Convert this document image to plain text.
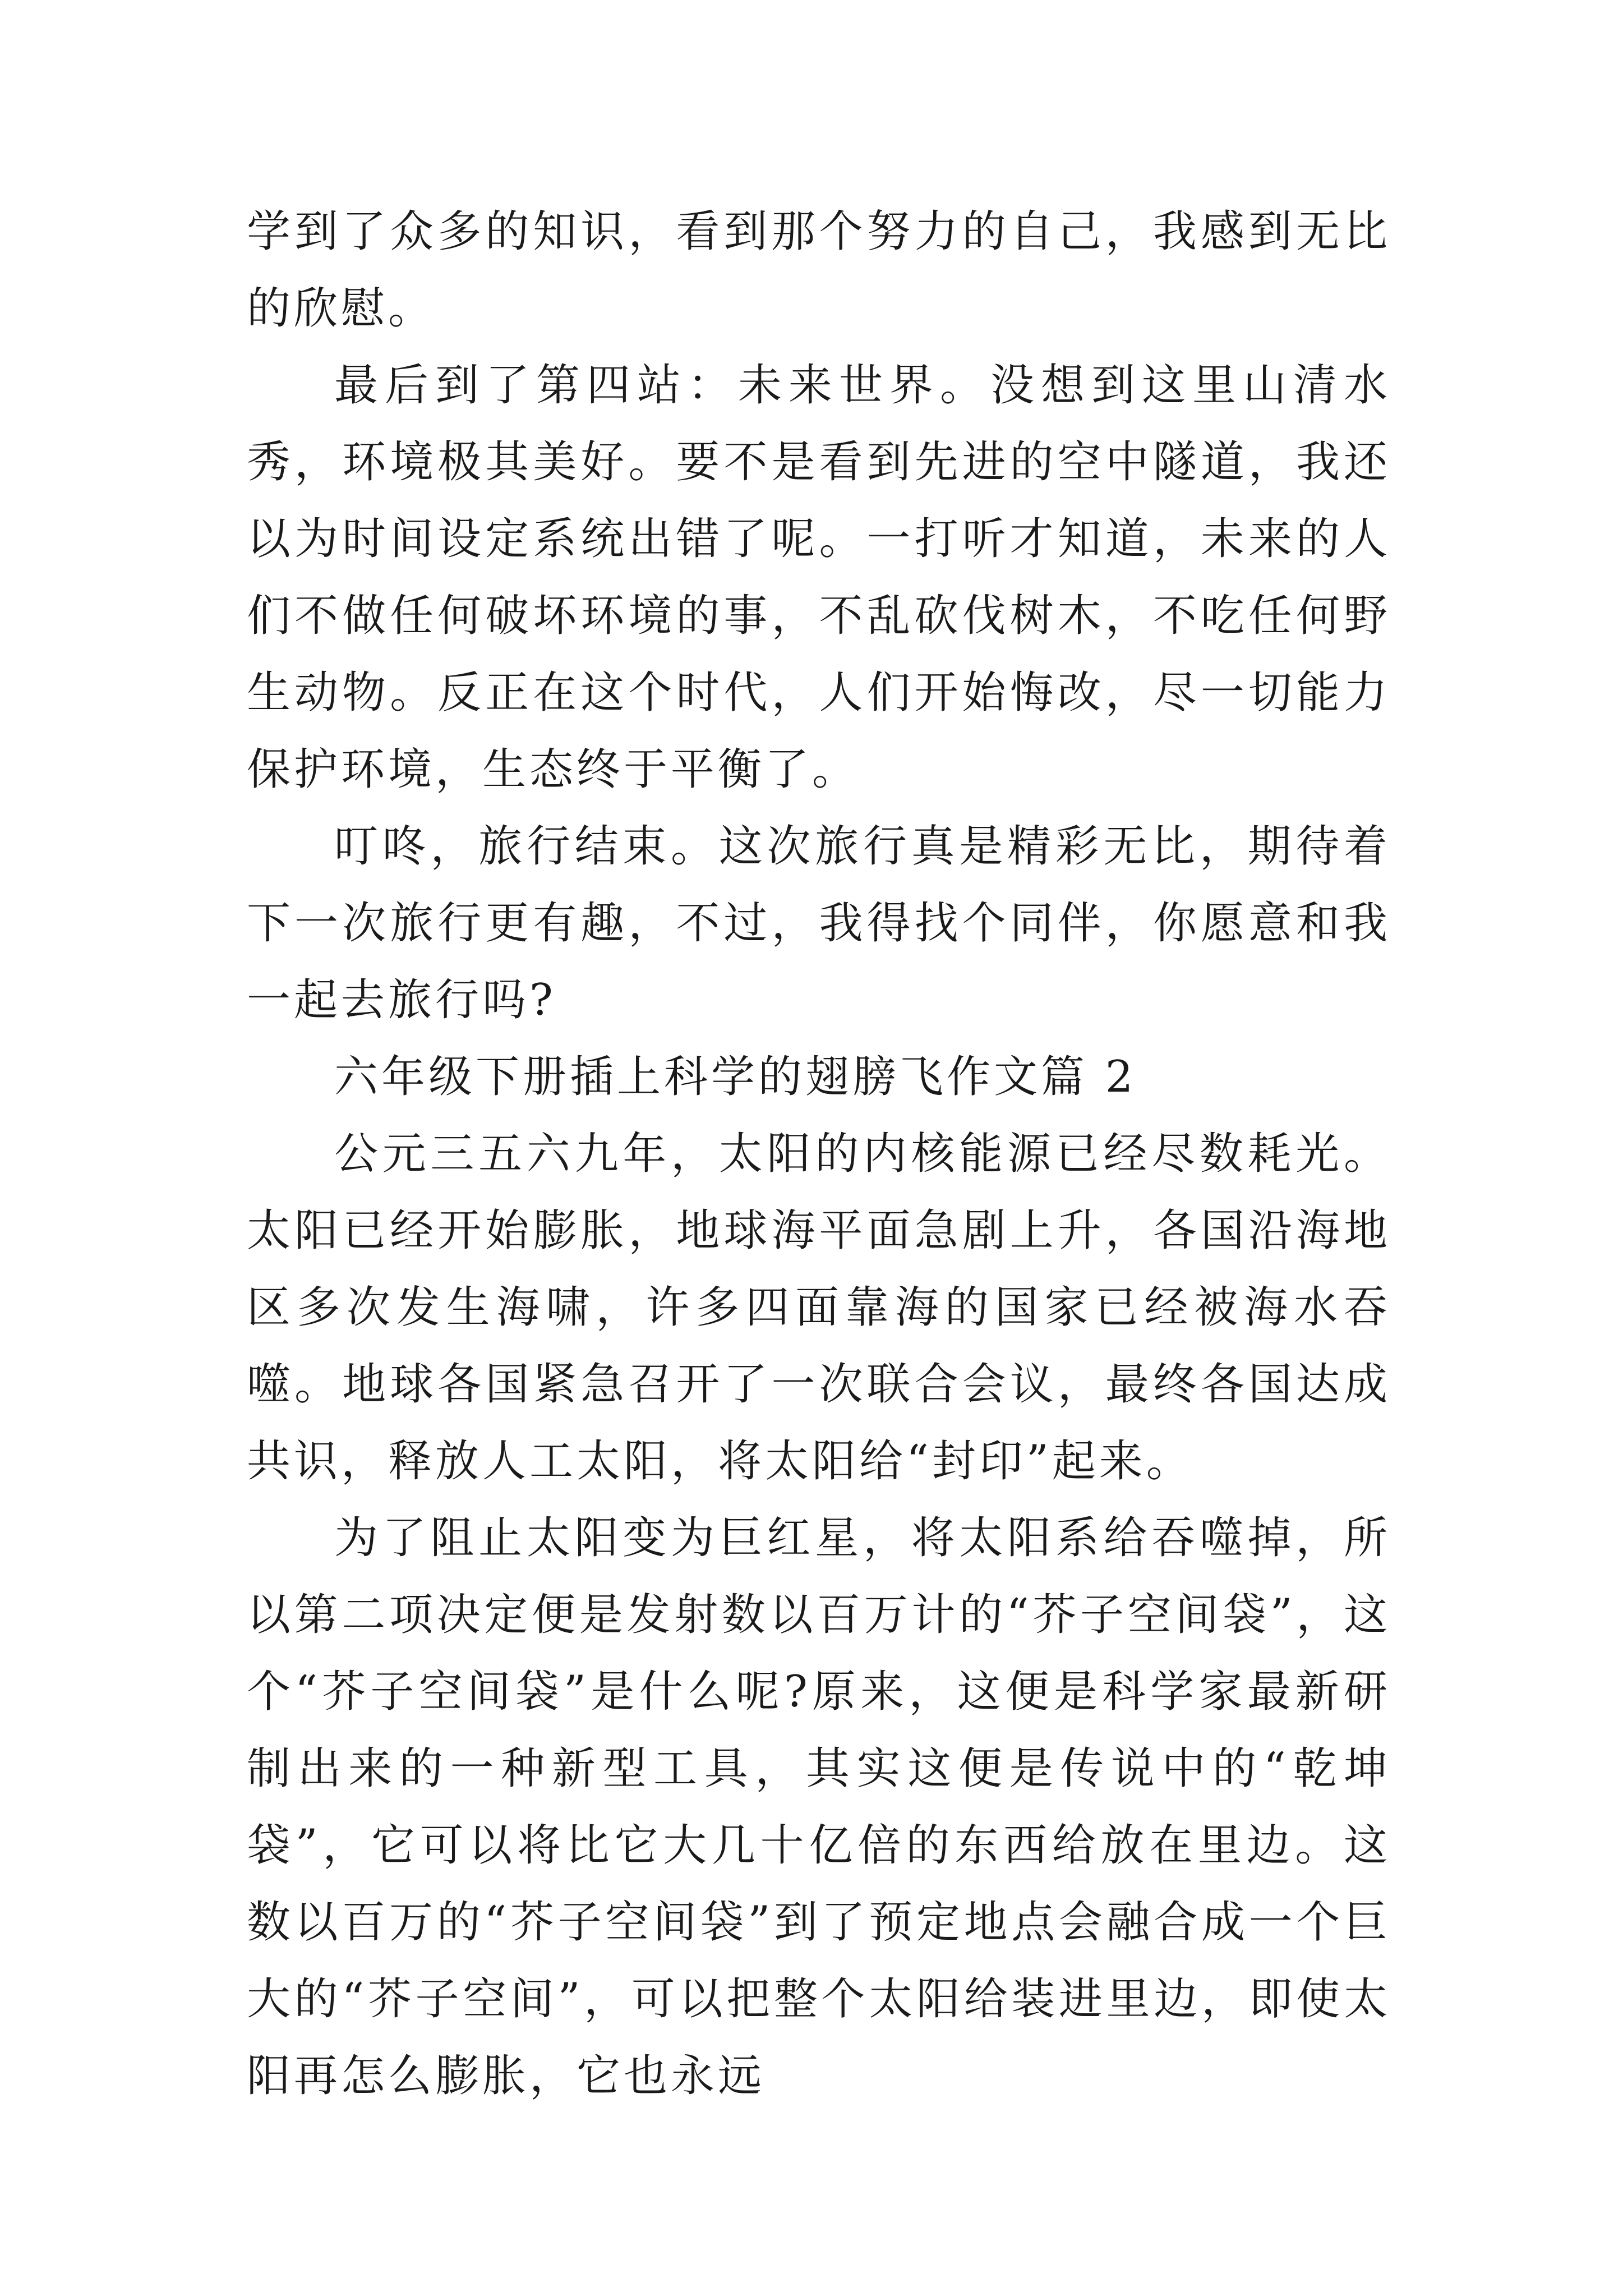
学到了众多的知识，看到那个努力的自己，我感到无比的欣慰。

最后到了第四站：未来世界。没想到这里山清水秀，环境极其美好。要不是看到先进的空中隧道，我还以为时间设定系统出错了呢。一打听才知道，未来的人们不做任何破坏环境的事，不乱砍伐树木，不吃任何野生动物。反正在这个时代，人们开始悔改，尽一切能力保护环境，生态终于平衡了。

叮咚，旅行结束。这次旅行真是精彩无比，期待着下一次旅行更有趣，不过，我得找个同伴，你愿意和我一起去旅行吗?

六年级下册插上科学的翅膀飞作文篇 2

公元三五六九年，太阳的内核能源已经尽数耗光。太阳已经开始膨胀，地球海平面急剧上升，各国沿海地区多次发生海啸，许多四面靠海的国家已经被海水吞噬。地球各国紧急召开了一次联合会议，最终各国达成共识，释放人工太阳，将太阳给“封印”起来。

为了阻止太阳变为巨红星，将太阳系给吞噬掉，所以第二项决定便是发射数以百万计的“芥子空间袋”，这个“芥子空间袋”是什么呢?原来，这便是科学家最新研制出来的一种新型工具，其实这便是传说中的“乾坤袋”，它可以将比它大几十亿倍的东西给放在里边。这数以百万的“芥子空间袋”到了预定地点会融合成一个巨大的“芥子空间”，可以把整个太阳给装进里边，即使太阳再怎么膨胀，它也永远
